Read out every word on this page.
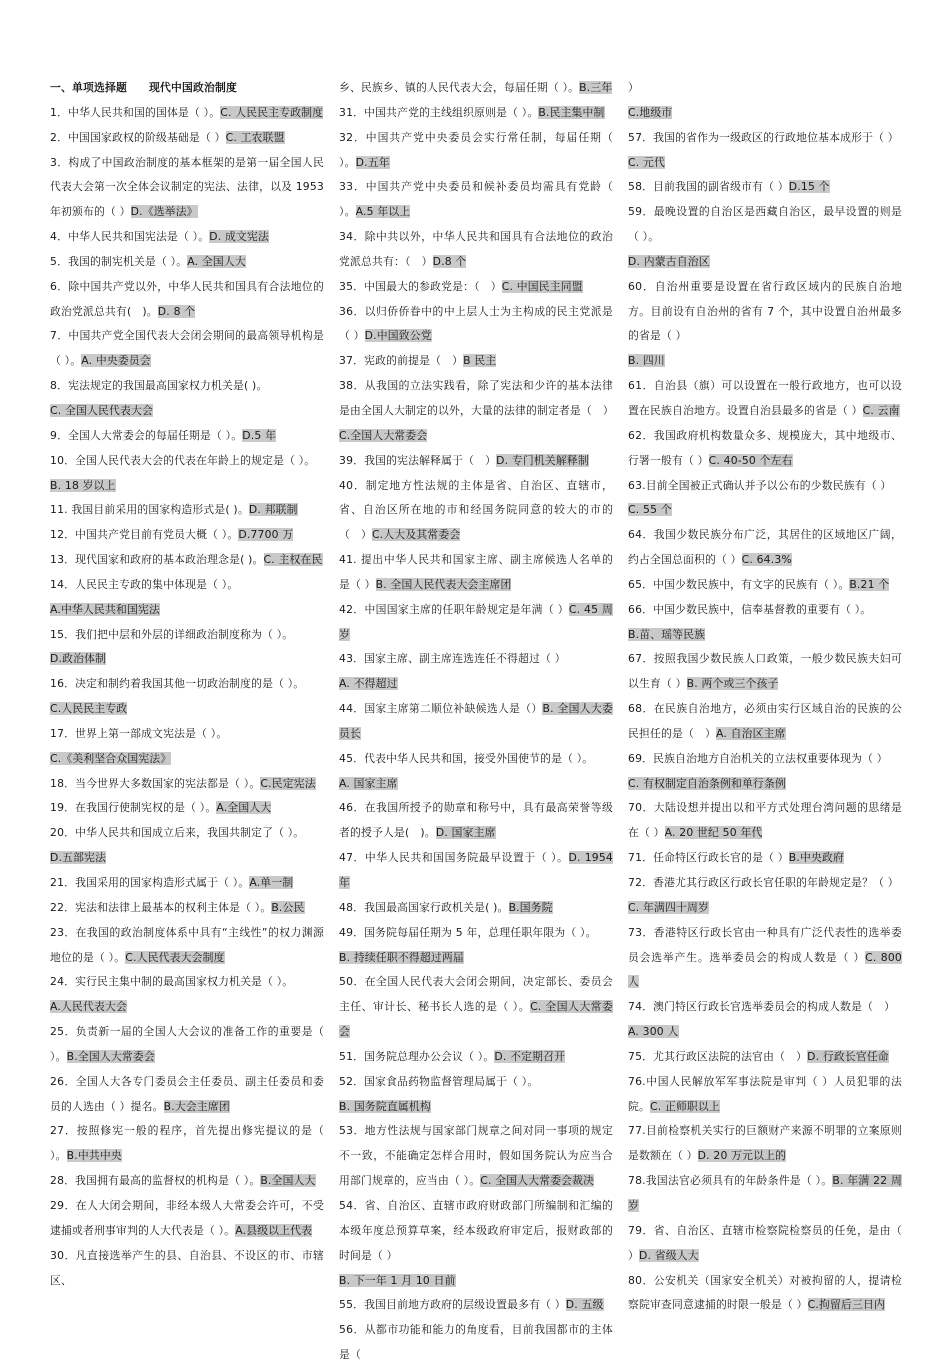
一、单项选择题　　现代中国政治制度

1．中华人民共和国的国体是（ ）。C. 人民民主专政制度

2．中国国家政权的阶级基础是（ ）C. 工农联盟

3．构成了中国政治制度的基本框架的是第一届全国人民代表大会第一次全体会议制定的宪法、法律，以及 1953 年初颁布的（ ）D.《选举法》

4．中华人民共和国宪法是（ ）。D. 成文宪法

5．我国的制宪机关是（ ）。A. 全国人大

6．除中国共产党以外，中华人民共和国具有合法地位的政治党派总共有(　)。D. 8 个

7．中国共产党全国代表大会闭会期间的最高领导机构是（ ）。A. 中央委员会

8．宪法规定的我国最高国家权力机关是( )。

C. 全国人民代表大会

9．全国人大常委会的每届任期是（ ）。D.5 年

10．全国人民代表大会的代表在年龄上的规定是（ ）。

B. 18 岁以上

11. 我国目前采用的国家构造形式是( )。D. 邦联制

12．中国共产党目前有党员大概（ ）。D.7700 万

13．现代国家和政府的基本政治理念是( )。C. 主权在民

14．人民民主专政的集中体现是（ ）。

A.中华人民共和国宪法

15．我们把中层和外层的详细政治制度称为（ ）。

D.政治体制

16．决定和制约着我国其他一切政治制度的是（ ）。

C.人民民主专政

17．世界上第一部成文宪法是（ ）。

C.《美利坚合众国宪法》

18．当今世界大多数国家的宪法都是（ ）。C.民定宪法

19．在我国行使制宪权的是（ ）。A.全国人大

20．中华人民共和国成立后来，我国共制定了（ ）。

D.五部宪法

21．我国采用的国家构造形式属于（ ）。A.单一制

22．宪法和法律上最基本的权利主体是（ ）。B.公民

23．在我国的政治制度体系中具有“主线性”的权力渊源地位的是（ ）。C.人民代表大会制度

24．实行民主集中制的最高国家权力机关是（ ）。

A.人民代表大会

25．负责新一届的全国人大会议的准备工作的重要是（ ）。B.全国人大常委会

26．全国人大各专门委员会主任委员、副主任委员和委员的人选由（ ）提名。B.大会主席团

27．按照修宪一般的程序，首先提出修宪提议的是（ ）。B.中共中央

28．我国拥有最高的监督权的机构是（ ）。B.全国人大

29．在人大闭会期间，非经本级人大常委会许可，不受逮捕或者刑事审判的人大代表是（ ）。A.县级以上代表

30．凡直接选举产生的县、自治县、不设区的市、市辖区、

乡、民族乡、镇的人民代表大会，每届任期（ ）。B.三年

31．中国共产党的主线组织原则是（ ）。B.民主集中制

32．中国共产党中央委员会实行常任制，每届任期（ ）。D.五年

33．中国共产党中央委员和候补委员均需具有党龄（ ）。A.5 年以上

34．除中共以外，中华人民共和国具有合法地位的政治党派总共有：（　）D.8 个

35．中国最大的参政党是：（　）C. 中国民主同盟

36．以归侨侨眷中的中上层人士为主构成的民主党派是（ ）D.中国致公党

37．宪政的前提是（　）B 民主

38．从我国的立法实践看，除了宪法和少许的基本法律是由全国人大制定的以外，大量的法律的制定者是（　）C.全国人大常委会

39．我国的宪法解释属于（　）D. 专门机关解释制

40．制定地方性法规的主体是省、自治区、直辖市，省、自治区所在地的市和经国务院同意的较大的市的（　）C.人大及其常委会

41. 提出中华人民共和国家主席、副主席候选人名单的是（ ）B. 全国人民代表大会主席团

42．中国国家主席的任职年龄规定是年满（ ）C. 45 周岁

43．国家主席、副主席连选连任不得超过（ ）

A. 不得超过

44．国家主席第二顺位补缺候选人是（）B. 全国人大委员长

45．代表中华人民共和国，接受外国使节的是（ ）。

A. 国家主席

46．在我国所授予的勋章和称号中，具有最高荣誉等级者的授予人是(　)。D. 国家主席

47．中华人民共和国国务院最早设置于（ ）。D. 1954 年

48．我国最高国家行政机关是( )。B.国务院

49．国务院每届任期为 5 年，总理任职年限为（ ）。

B. 持续任职不得超过两届

50．在全国人民代表大会闭会期间，决定部长、委员会主任、审计长、秘书长人选的是（ ）。C. 全国人大常委会

51．国务院总理办公会议（ ）。D. 不定期召开

52．国家食品药物监督管理局属于（ ）。

B. 国务院直属机构

53．地方性法规与国家部门规章之间对同一事项的规定不一致，不能确定怎样合用时，假如国务院认为应当合用部门规章的，应当由（ ）。C. 全国人大常委会裁决

54．省、自治区、直辖市政府财政部门所编制和汇编的本级年度总预算草案，经本级政府审定后，报财政部的时间是（ ）

B. 下一年 1 月 10 日前

55．我国目前地方政府的层级设置最多有（ ）D. 五级

56．从都市功能和能力的角度看，目前我国都市的主体是（

）

C.地级市

57．我国的省作为一级政区的行政地位基本成形于（ ）

C. 元代

58．目前我国的副省级市有（ ）D.15 个

59．最晚设置的自治区是西藏自治区，最早设置的则是（ ）。

D. 内蒙古自治区

60．自治州重要是设置在省行政区域内的民族自治地方。目前设有自治州的省有 7 个，其中设置自治州最多的省是（ ）

B. 四川

61．自治县（旗）可以设置在一般行政地方，也可以设置在民族自治地方。设置自治县最多的省是（ ）C. 云南

62．我国政府机构数量众多、规模庞大，其中地级市、行署一般有（ ）C. 40-50 个左右

63.目前全国被正式确认并予以公布的少数民族有（ ）

C. 55 个

64．我国少数民族分布广泛，其居住的区域地区广阔，约占全国总面积的（ ）C. 64.3%

65．中国少数民族中，有文字的民族有（ ）。B.21 个

66．中国少数民族中，信奉基督教的重要有（ ）。

B.苗、瑶等民族

67．按照我国少数民族人口政策，一般少数民族夫妇可以生育（ ）B. 两个或三个孩子

68．在民族自治地方，必须由实行区域自治的民族的公民担任的是（　）A. 自治区主席

69．民族自治地方自治机关的立法权重要体现为（ ）

C. 有权制定自治条例和单行条例

70．大陆设想并提出以和平方式处理台湾问题的思绪是在（ ）A. 20 世纪 50 年代

71．任命特区行政长官的是（ ）B.中央政府

72．香港尤其行政区行政长官任职的年龄规定是？（ ）

C. 年满四十周岁

73．香港特区行政长官由一种具有广泛代表性的选举委员会选举产生。选举委员会的构成人数是（ ）C. 800 人

74．澳门特区行政长官选举委员会的构成人数是（　）

A. 300 人

75．尤其行政区法院的法官由（　）D. 行政长官任命

76.中国人民解放军军事法院是审判（ ）人员犯罪的法院。C. 正师职以上

77.目前检察机关实行的巨额财产来源不明罪的立案原则是数额在（ ）D. 20 万元以上的

78.我国法官必须具有的年龄条件是（ ）。B. 年满 22 周岁

79．省、自治区、直辖市检察院检察员的任免，是由（ ）D. 省级人大

80．公安机关（国家安全机关）对被拘留的人，提请检察院审查同意逮捕的时限一般是（ ）C.拘留后三日内
